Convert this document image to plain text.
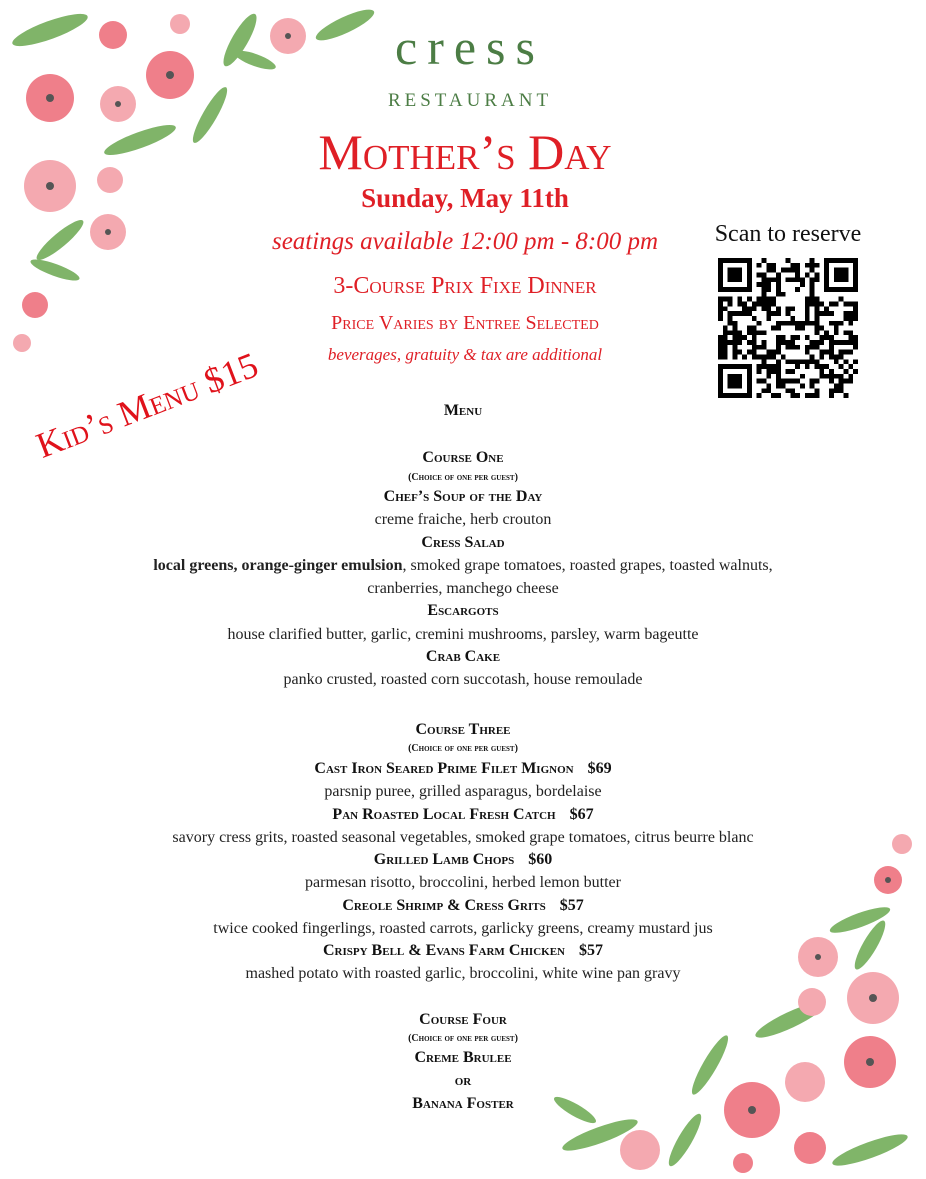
cress
RESTAURANT
Mother’s Day
Sunday, May 11th
seatings available 12:00 pm - 8:00 pm
3-Course Prix Fixe Dinner
Price Varies by Entree Selected
beverages, gratuity & tax are additional
Kid’s Menu $15
Scan to reserve
Menu
Course One
(Choice of one per guest)
Chef’s Soup of the Day
creme fraiche, herb crouton
Cress Salad
local greens, orange-ginger emulsion, smoked grape tomatoes, roasted grapes, toasted walnuts,
cranberries, manchego cheese
Escargots
house clarified butter, garlic, cremini mushrooms, parsley, warm bageutte
Crab Cake
panko crusted, roasted corn succotash, house remoulade
Course Three
(Choice of one per guest)
Cast Iron Seared Prime Filet Mignon $69
parsnip puree, grilled asparagus, bordelaise
Pan Roasted Local Fresh Catch $67
savory cress grits, roasted seasonal vegetables, smoked grape tomatoes, citrus beurre blanc
Grilled Lamb Chops $60
parmesan risotto, broccolini, herbed lemon butter
Creole Shrimp & Cress Grits $57
twice cooked fingerlings, roasted carrots, garlicky greens, creamy mustard jus
Crispy Bell & Evans Farm Chicken $57
mashed potato with roasted garlic, broccolini, white wine pan gravy
Course Four
(Choice of one per guest)
Creme Brulee
or
Banana Foster
